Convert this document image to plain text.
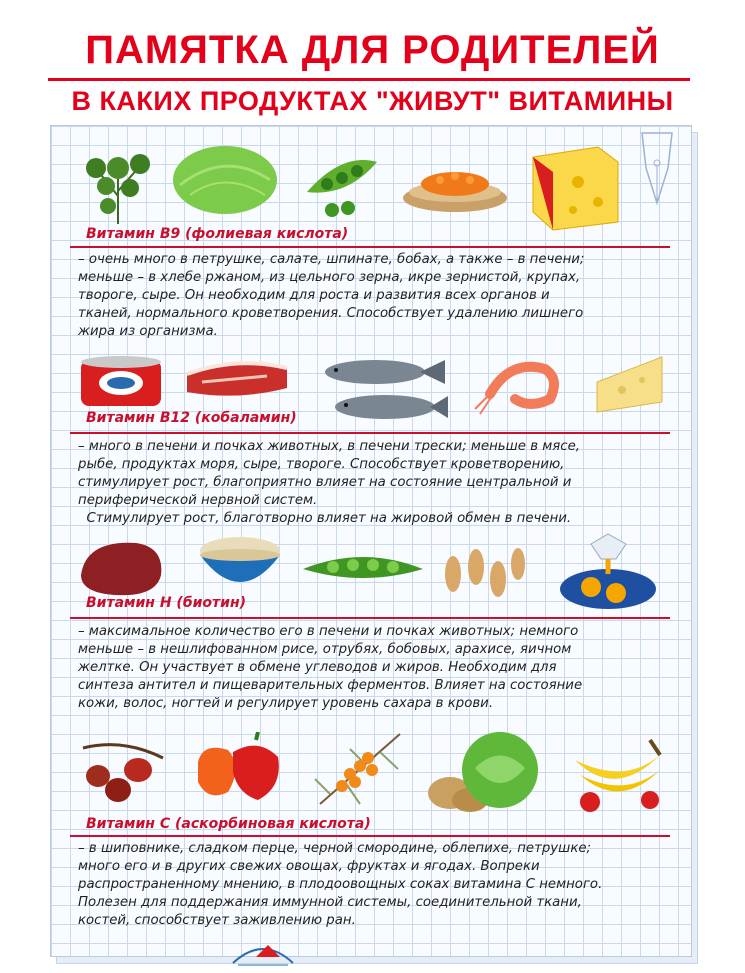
ПАМЯТКА ДЛЯ РОДИТЕЛЕЙ
В КАКИХ ПРОДУКТАХ "ЖИВУТ" ВИТАМИНЫ
Витамин В9 (фолиевая кислота)

– очень много в петрушке, салате, шпинате, бобах, а также – в печени;

меньше – в хлебе ржаном, из цельного зерна, икре зернистой, крупах,

твороге, сыре. Он необходим для роста и развития всех органов и

тканей, нормального кроветворения. Способствует удалению лишнего

жира из организма.

Витамин В12 (кобаламин)

– много в печени и почках животных, в печени трески; меньше в мясе,

рыбе, продуктах моря, сыре, твороге. Способствует кроветворению,

стимулирует рост, благоприятно влияет на состояние центральной и

периферической нервной систем.

Стимулирует рост, благотворно влияет на жировой обмен в печени.

Витамин Н (биотин)

– максимальное количество его в печени и почках животных; немного

меньше – в нешлифованном рисе, отрубях, бобовых, арахисе, яичном

желтке. Он участвует в обмене углеводов и жиров. Необходим для

синтеза антител и пищеварительных ферментов. Влияет на состояние

кожи, волос, ногтей и регулирует уровень сахара в крови.

Витамин С (аскорбиновая кислота)

– в шиповнике, сладком перце, черной смородине, облепихе, петрушке;

много его и в других свежих овощах, фруктах и ягодах. Вопреки

распространенному мнению, в плодоовощных соках витамина С немного.

Полезен для поддержания иммунной системы, соединительной ткани,

костей, способствует заживлению ран.
